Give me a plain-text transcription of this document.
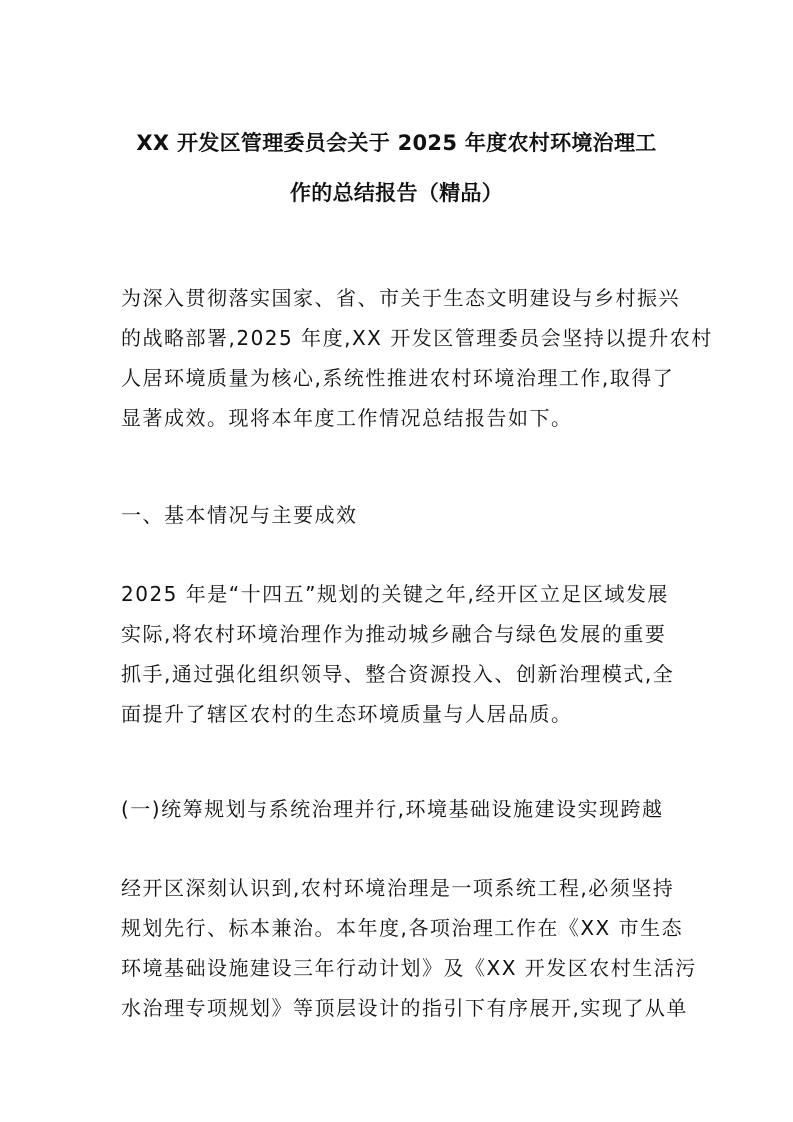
XX 开发区管理委员会关于 2025 年度农村环境治理工
作的总结报告（精品）
为深入贯彻落实国家、省、市关于生态文明建设与乡村振兴
的战略部署,2025 年度,XX 开发区管理委员会坚持以提升农村
人居环境质量为核心,系统性推进农村环境治理工作,取得了
显著成效。现将本年度工作情况总结报告如下。
一、基本情况与主要成效
2025 年是“十四五”规划的关键之年,经开区立足区域发展
实际,将农村环境治理作为推动城乡融合与绿色发展的重要
抓手,通过强化组织领导、整合资源投入、创新治理模式,全
面提升了辖区农村的生态环境质量与人居品质。
(一)统筹规划与系统治理并行,环境基础设施建设实现跨越
经开区深刻认识到,农村环境治理是一项系统工程,必须坚持
规划先行、标本兼治。本年度,各项治理工作在《XX 市生态
环境基础设施建设三年行动计划》及《XX 开发区农村生活污
水治理专项规划》等顶层设计的指引下有序展开,实现了从单
